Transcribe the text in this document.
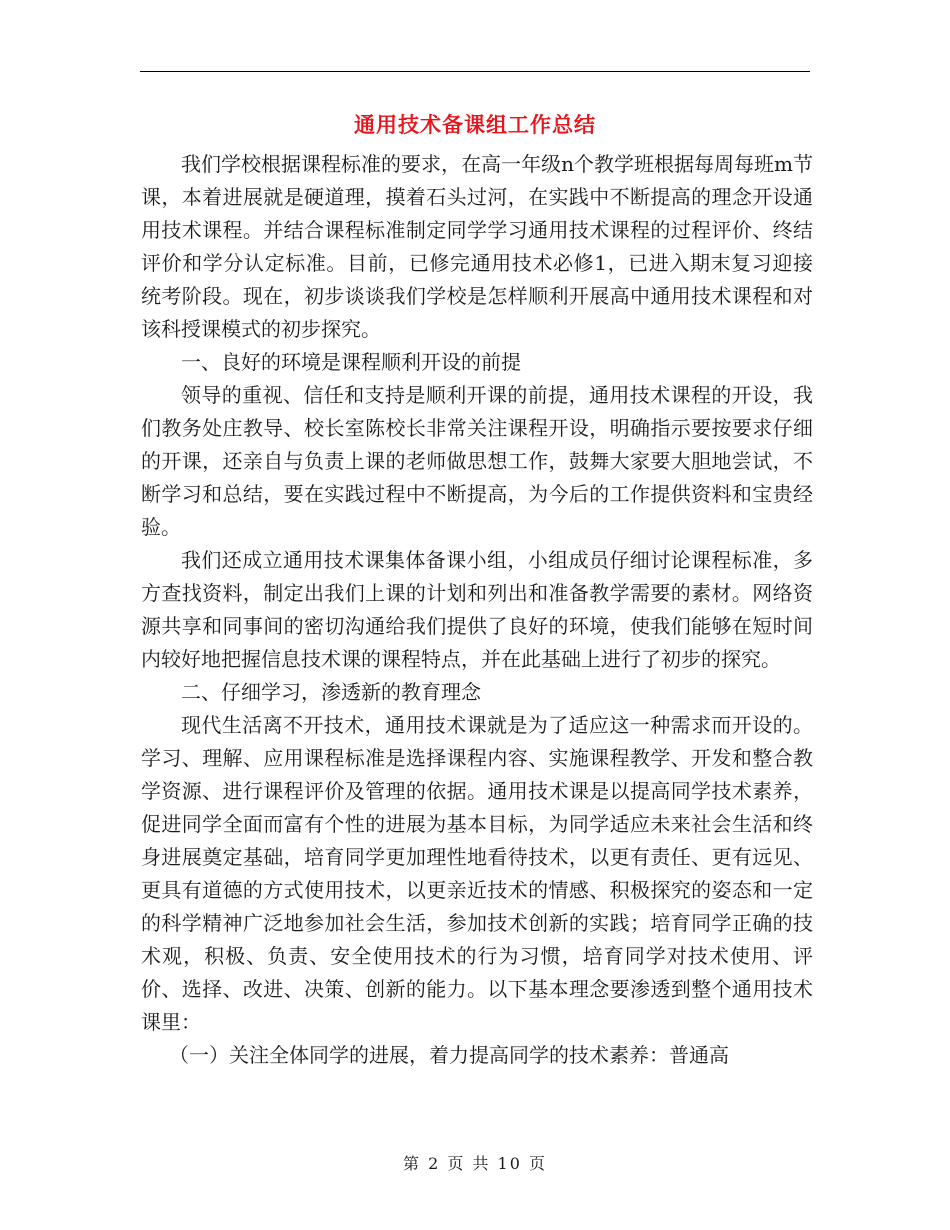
通用技术备课组工作总结

我们学校根据课程标准的要求，在高一年级n个教学班根据每周每班m节课，本着进展就是硬道理，摸着石头过河，在实践中不断提高的理念开设通用技术课程。并结合课程标准制定同学学习通用技术课程的过程评价、终结评价和学分认定标准。目前，已修完通用技术必修1，已进入期末复习迎接统考阶段。现在，初步谈谈我们学校是怎样顺利开展高中通用技术课程和对该科授课模式的初步探究。

一、良好的环境是课程顺利开设的前提

领导的重视、信任和支持是顺利开课的前提，通用技术课程的开设，我们教务处庄教导、校长室陈校长非常关注课程开设，明确指示要按要求仔细的开课，还亲自与负责上课的老师做思想工作，鼓舞大家要大胆地尝试，不断学习和总结，要在实践过程中不断提高，为今后的工作提供资料和宝贵经验。

我们还成立通用技术课集体备课小组，小组成员仔细讨论课程标准，多方查找资料，制定出我们上课的计划和列出和准备教学需要的素材。网络资源共享和同事间的密切沟通给我们提供了良好的环境，使我们能够在短时间内较好地把握信息技术课的课程特点，并在此基础上进行了初步的探究。

二、仔细学习，渗透新的教育理念

现代生活离不开技术，通用技术课就是为了适应这一种需求而开设的。学习、理解、应用课程标准是选择课程内容、实施课程教学、开发和整合教学资源、进行课程评价及管理的依据。通用技术课是以提高同学技术素养，促进同学全面而富有个性的进展为基本目标，为同学适应未来社会生活和终身进展奠定基础，培育同学更加理性地看待技术，以更有责任、更有远见、更具有道德的方式使用技术，以更亲近技术的情感、积极探究的姿态和一定的科学精神广泛地参加社会生活，参加技术创新的实践；培育同学正确的技术观，积极、负责、安全使用技术的行为习惯，培育同学对技术使用、评价、选择、改进、决策、创新的能力。以下基本理念要渗透到整个通用技术课里：

（一）关注全体同学的进展，着力提高同学的技术素养：普通高

第 2 页 共 10 页
